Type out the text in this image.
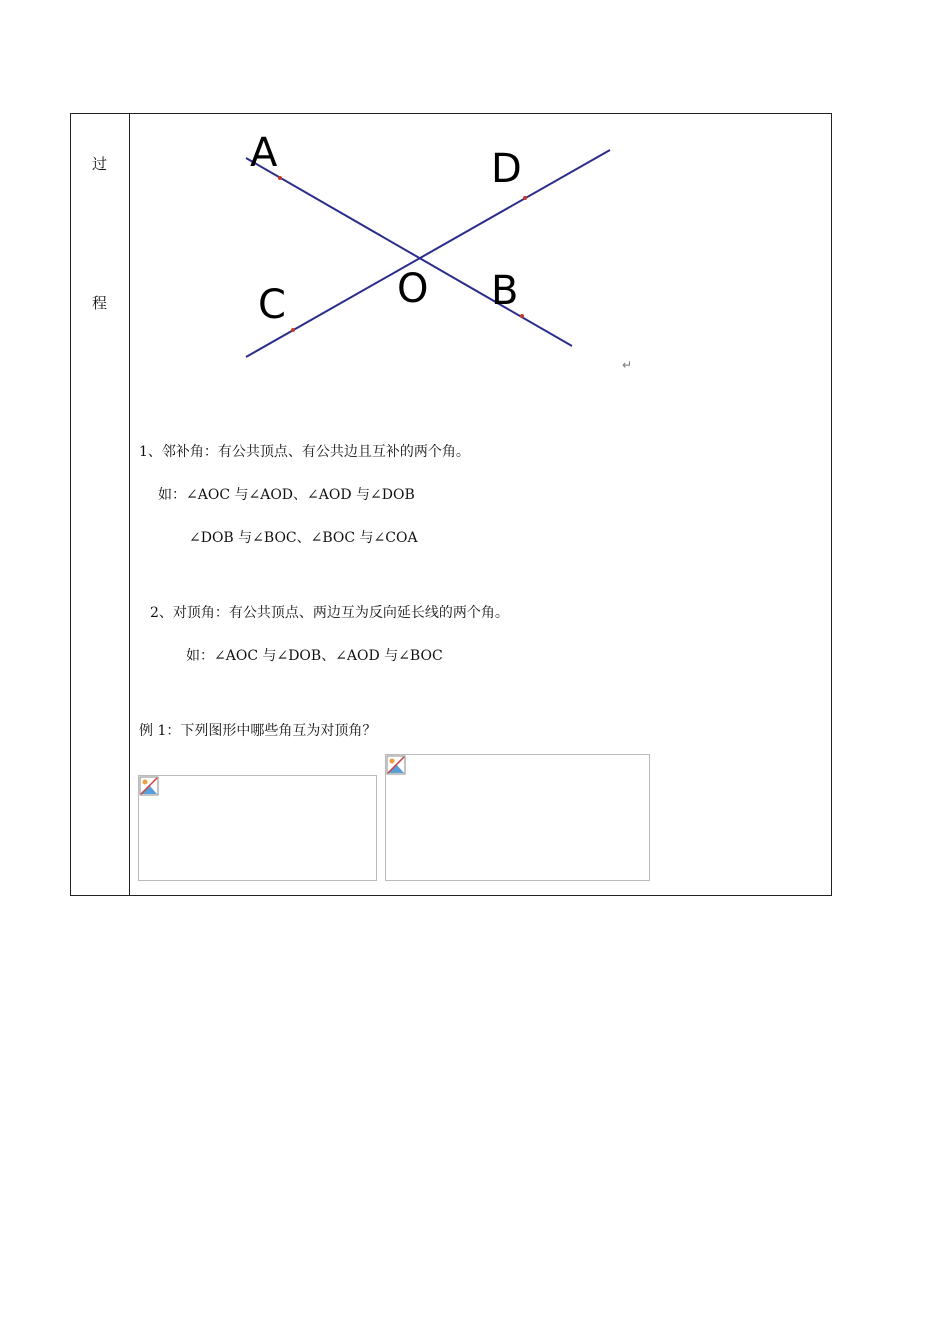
过
程
A	D
C	O B
↵
1、邻补角：有公共顶点、有公共边且互补的两个角。
如：∠AOC 与∠AOD、∠AOD 与∠DOB
∠DOB 与∠BOC、∠BOC 与∠COA
2、对顶角：有公共顶点、两边互为反向延长线的两个角。
如：∠AOC 与∠DOB、∠AOD 与∠BOC
例 1：下列图形中哪些角互为对顶角？
